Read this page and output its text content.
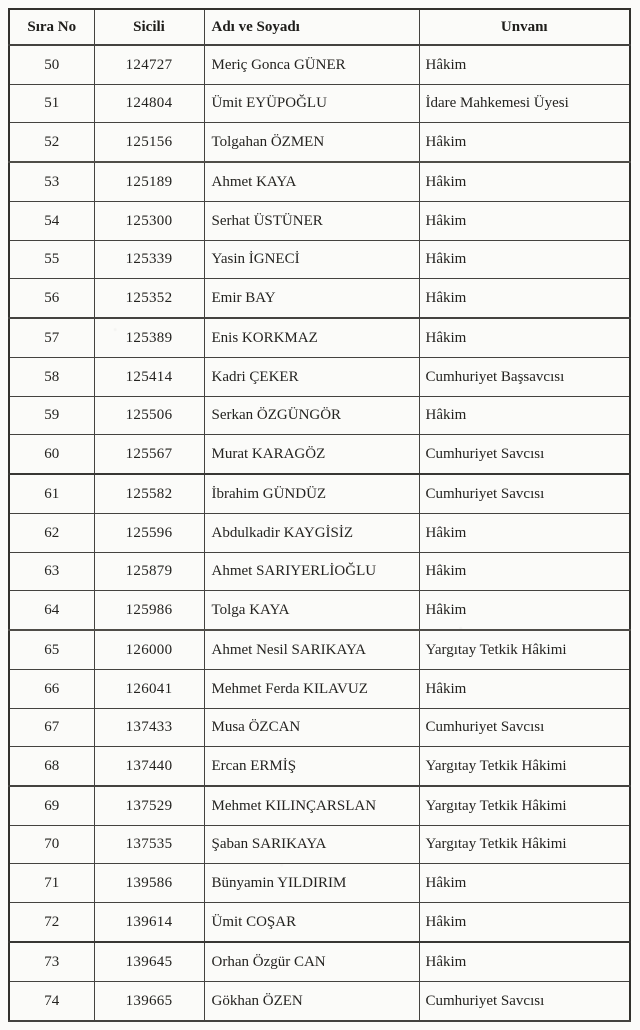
Sıra No	Sicili	Adı ve Soyadı	Unvanı
50	124727	Meriç Gonca GÜNER	Hâkim
51	124804	Ümit EYÜPOĞLU	İdare Mahkemesi Üyesi
52	125156	Tolgahan ÖZMEN	Hâkim
53	125189	Ahmet KAYA	Hâkim
54	125300	Serhat ÜSTÜNER	Hâkim
55	125339	Yasin İGNECİ	Hâkim
56	125352	Emir BAY	Hâkim
57	125389	Enis KORKMAZ	Hâkim
58	125414	Kadri ÇEKER	Cumhuriyet Başsavcısı
59	125506	Serkan ÖZGÜNGÖR	Hâkim
60	125567	Murat KARAGÖZ	Cumhuriyet Savcısı
61	125582	İbrahim GÜNDÜZ	Cumhuriyet Savcısı
62	125596	Abdulkadir KAYGİSİZ	Hâkim
63	125879	Ahmet SARIYERLİOĞLU	Hâkim
64	125986	Tolga KAYA	Hâkim
65	126000	Ahmet Nesil SARIKAYA	Yargıtay Tetkik Hâkimi
66	126041	Mehmet Ferda KILAVUZ	Hâkim
67	137433	Musa ÖZCAN	Cumhuriyet Savcısı
68	137440	Ercan ERMİŞ	Yargıtay Tetkik Hâkimi
69	137529	Mehmet KILINÇARSLAN	Yargıtay Tetkik Hâkimi
70	137535	Şaban SARIKAYA	Yargıtay Tetkik Hâkimi
71	139586	Bünyamin YILDIRIM	Hâkim
72	139614	Ümit COŞAR	Hâkim
73	139645	Orhan Özgür CAN	Hâkim
74	139665	Gökhan ÖZEN	Cumhuriyet Savcısı
